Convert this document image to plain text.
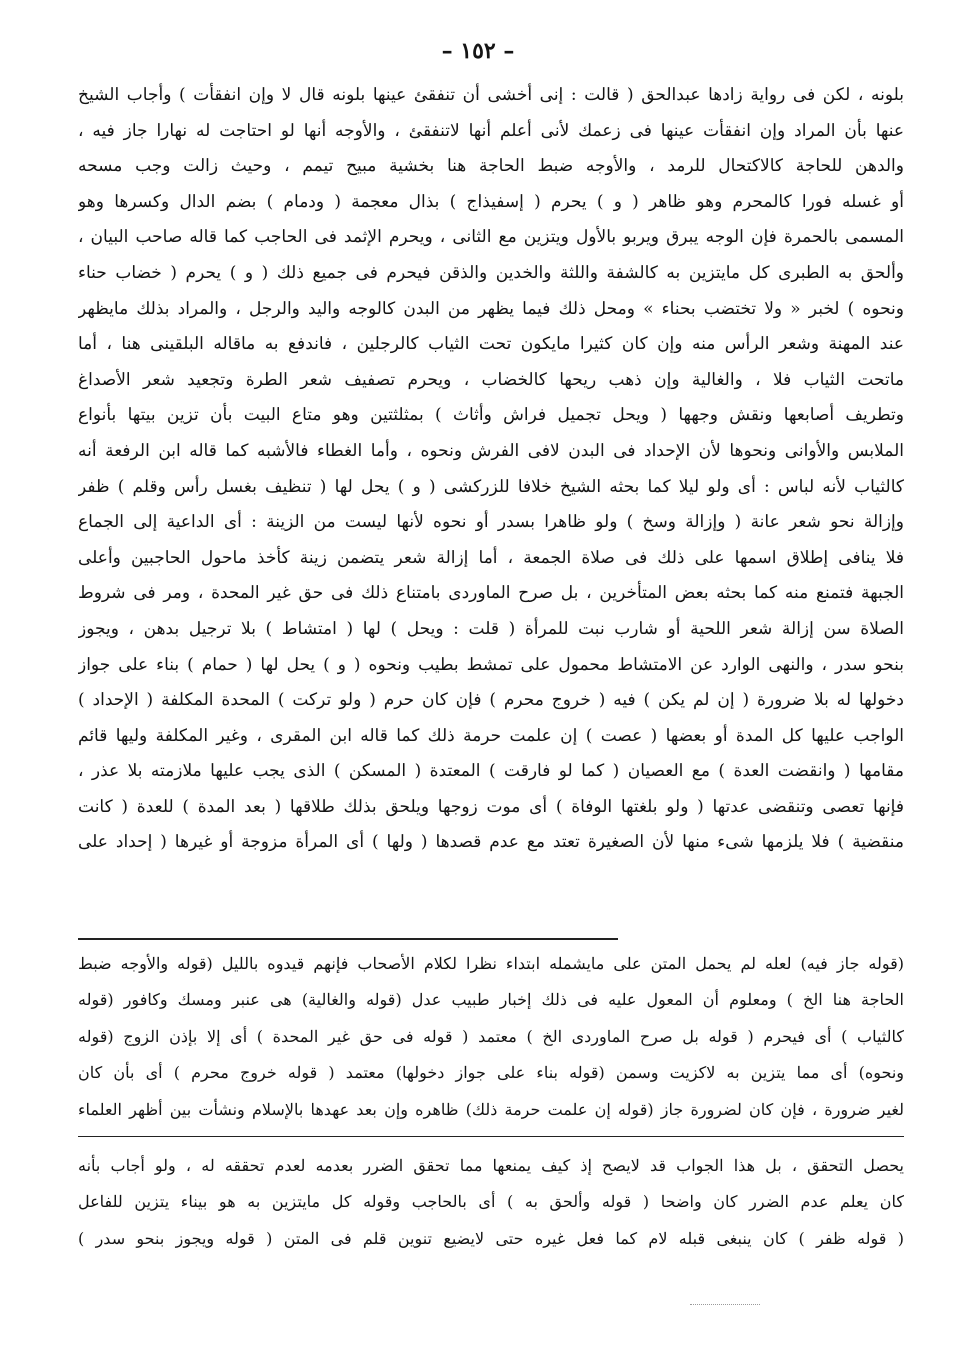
– ١٥٢ –
بلونه ، لكن فى رواية زادها عبدالحق ( قالت : إنى أخشى أن تنفقئ عينها بلونه قال لا وإن انفقأت ) وأجاب الشيخ
عنها بأن المراد وإن انفقأت عينها فى زعمك لأنى أعلم أنها لاتنفقئ ، والأوجه أنها لو احتاجت له نهارا جاز فيه ،
والدهن للحاجة كالاكتحال للرمد ، والأوجه ضبط الحاجة هنا بخشية مبيح تيمم ، وحيث زالت وجب مسحه
أو غسله فورا كالمحرم وهو ظاهر ( و ) يحرم ( إسفيذاج ) بذال معجمة ( ودمام ) بضم الدال وكسرها وهو
المسمى بالحمرة فإن الوجه يبرق ويربو بالأول ويتزين مع الثانى ، ويحرم الإثمد فى الحاجب كما قاله صاحب البيان ،
وألحق به الطبرى كل مايتزين به كالشفة واللثة والخدين والذقن فيحرم فى جميع ذلك ( و ) يحرم ( خضاب حناء
ونحوه ) لخبر « ولا تختضب بحناء » ومحل ذلك فيما يظهر من البدن كالوجه واليد والرجل ، والمراد بذلك مايظهر
عند المهنة وشعر الرأس منه وإن كان كثيرا مايكون تحت الثياب كالرجلين ، فاندفع به ماقاله البلقينى هنا ، أما
ماتحت الثياب فلا ، والغالية وإن ذهب ريحها كالخضاب ، ويحرم تصفيف شعر الطرة وتجعيد شعر الأصداغ
وتطريف أصابعها ونقش وجهها ( ويحل تجميل فراش وأثاث ) بمثلثتين وهو متاع البيت بأن تزين بيتها بأنواع
الملابس والأوانى ونحوها لأن الإحداد فى البدن لافى الفرش ونحوه ، وأما الغطاء فالأشبه كما قاله ابن الرفعة أنه
كالثياب لأنه لباس : أى ولو ليلا كما بحثه الشيخ خلافا للزركشى ( و ) يحل لها ( تنظيف بغسل رأس وقلم ) ظفر
وإزالة نحو شعر عانة ( وإزالة وسخ ) ولو ظاهرا بسدر أو نحوه لأنها ليست من الزينة : أى الداعية إلى الجماع
فلا ينافى إطلاق اسمها على ذلك فى صلاة الجمعة ، أما إزالة شعر يتضمن زينة كأخذ ماحول الحاجبين وأعلى
الجبهة فتمنع منه كما بحثه بعض المتأخرين ، بل صرح الماوردى بامتناع ذلك فى حق غير المحدة ، ومر فى شروط
الصلاة سن إزالة شعر اللحية أو شارب نبت للمرأة ( قلت : ويحل ) لها ( امتشاط ) بلا ترجيل بدهن ، ويجوز
بنحو سدر ، والنهى الوارد عن الامتشاط محمول على تمشط بطيب ونحوه ( و ) يحل لها ( حمام ) بناء على جواز
دخولها له بلا ضرورة ( إن لم يكن ) فيه ( خروج محرم ) فإن كان حرم ( ولو تركت ) المحدة المكلفة ( الإحداد )
الواجب عليها كل المدة أو بعضها ( عصت ) إن علمت حرمة ذلك كما قاله ابن المقرى ، وغير المكلفة وليها قائم
مقامها ( وانقضت العدة ) مع العصيان ( كما لو فارقت ) المعتدة ( المسكن ) الذى يجب عليها ملازمته بلا عذر ،
فإنها تعصى وتنقضى عدتها ( ولو بلغتها الوفاة ) أى موت زوجها ويلحق بذلك طلاقها ( بعد المدة ) للعدة ( كانت
منقضية ) فلا يلزمها شىء منها لأن الصغيرة تعتد مع عدم قصدها ( ولها ) أى المرأة مزوجة أو غيرها ( إحداد على
(قوله جاز فيه) لعله لم يحمل المتن على مايشمله ابتداء نظرا لكلام الأصحاب فإنهم قيدوه بالليل (قوله والأوجه ضبط
الحاجة هنا الخ ) ومعلوم أن المعول عليه فى ذلك إخبار طبيب عدل (قوله والغالية) هى عنبر ومسك وكافور (قوله
كالثياب ) أى فيحرم ( قوله بل صرح الماوردى الخ ) معتمد ( قوله فى حق غير المحدة ) أى إلا بإذن الزوج (قوله
ونحوه) أى مما يتزين به لاكزيت وسمن (قوله بناء على جواز دخولها) معتمد ( قوله خروج محرم ) أى بأن كان
لغير ضرورة ، فإن كان لضرورة جاز (قوله إن علمت حرمة ذلك) ظاهره وإن بعد عهدها بالإسلام ونشأت بين أظهر العلماء
يحصل التحقق ، بل هذا الجواب قد لايصح إذ كيف يمنعها مما تحقق الضرر بعدمه لعدم تحققه له ، ولو أجاب بأنه
كان يعلم عدم الضرر كان واضحا ( قوله وألحق به ) أى بالحاجب وقوله كل مايتزين به هو بيناء يتزين للفاعل
( قوله ظفر ) كان ينبغى قبله لام كما فعل غيره حتى لايضيع تنوين قلم فى المتن ( قوله ويجوز بنحو سدر )
